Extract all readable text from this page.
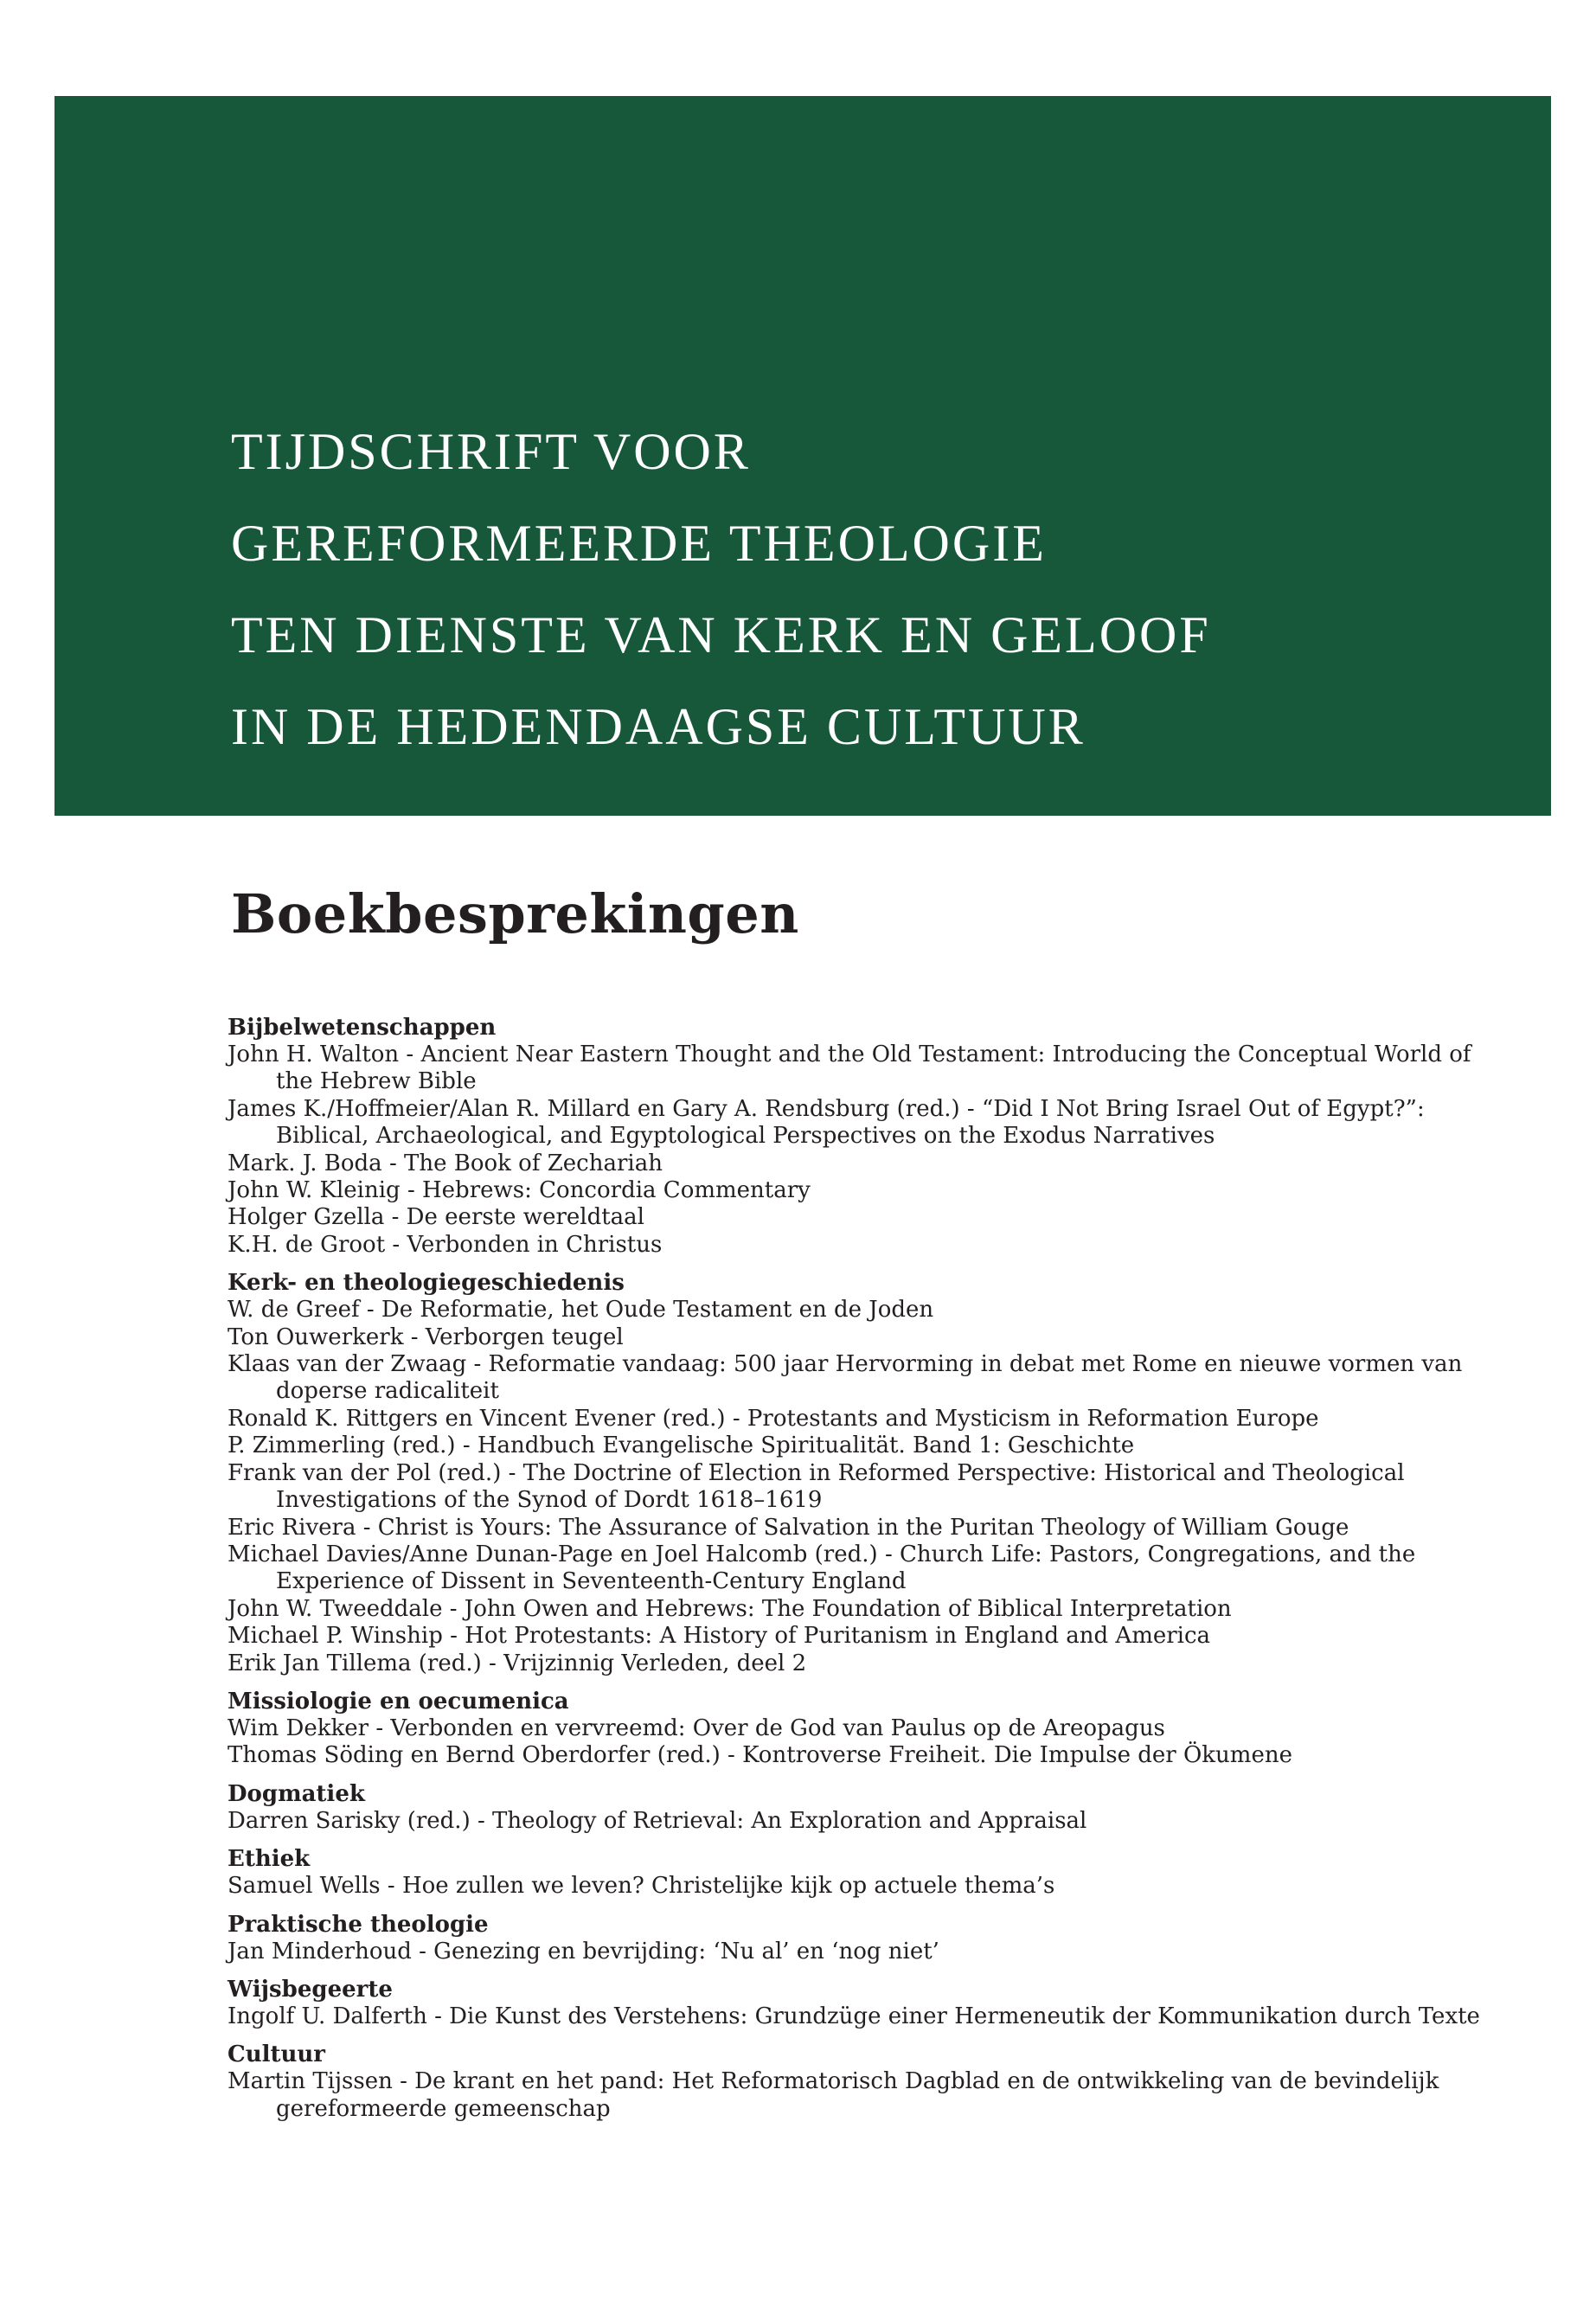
TIJDSCHRIFT VOOR
GEREFORMEERDE THEOLOGIE
TEN DIENSTE VAN KERK EN GELOOF
IN DE HEDENDAAGSE CULTUUR
Boekbesprekingen
Bijbelwetenschappen
John H. Walton - Ancient Near Eastern Thought and the Old Testament: Introducing the Conceptual World of the Hebrew Bible
James K./Hoffmeier/Alan R. Millard en Gary A. Rendsburg (red.) - “Did I Not Bring Israel Out of Egypt?”: Biblical, Archaeological, and Egyptological Perspectives on the Exodus Narratives
Mark. J. Boda - The Book of Zechariah
John W. Kleinig - Hebrews: Concordia Commentary
Holger Gzella - De eerste wereldtaal
K.H. de Groot - Verbonden in Christus
Kerk- en theologiegeschiedenis
W. de Greef - De Reformatie, het Oude Testament en de Joden
Ton Ouwerkerk - Verborgen teugel
Klaas van der Zwaag - Reformatie vandaag: 500 jaar Hervorming in debat met Rome en nieuwe vormen van doperse radicaliteit
Ronald K. Rittgers en Vincent Evener (red.) - Protestants and Mysticism in Reformation Europe
P. Zimmerling (red.) - Handbuch Evangelische Spiritualität. Band 1: Geschichte
Frank van der Pol (red.) - The Doctrine of Election in Reformed Perspective: Historical and Theological Investigations of the Synod of Dordt 1618–1619
Eric Rivera - Christ is Yours: The Assurance of Salvation in the Puritan Theology of William Gouge
Michael Davies/Anne Dunan-Page en Joel Halcomb (red.) - Church Life: Pastors, Congregations, and the Experience of Dissent in Seventeenth-Century England
John W. Tweeddale - John Owen and Hebrews: The Foundation of Biblical Interpretation
Michael P. Winship - Hot Protestants: A History of Puritanism in England and America
Erik Jan Tillema (red.) - Vrijzinnig Verleden, deel 2
Missiologie en oecumenica
Wim Dekker - Verbonden en vervreemd: Over de God van Paulus op de Areopagus
Thomas Söding en Bernd Oberdorfer (red.) - Kontroverse Freiheit. Die Impulse der Ökumene
Dogmatiek
Darren Sarisky (red.) - Theology of Retrieval: An Exploration and Appraisal
Ethiek
Samuel Wells - Hoe zullen we leven? Christelijke kijk op actuele thema’s
Praktische theologie
Jan Minderhoud - Genezing en bevrijding: ‘Nu al’ en ‘nog niet’
Wijsbegeerte
Ingolf U. Dalferth - Die Kunst des Verstehens: Grundzüge einer Hermeneutik der Kommunikation durch Texte
Cultuur
Martin Tijssen - De krant en het pand: Het Reformatorisch Dagblad en de ontwikkeling van de bevindelijk gereformeerde gemeenschap
